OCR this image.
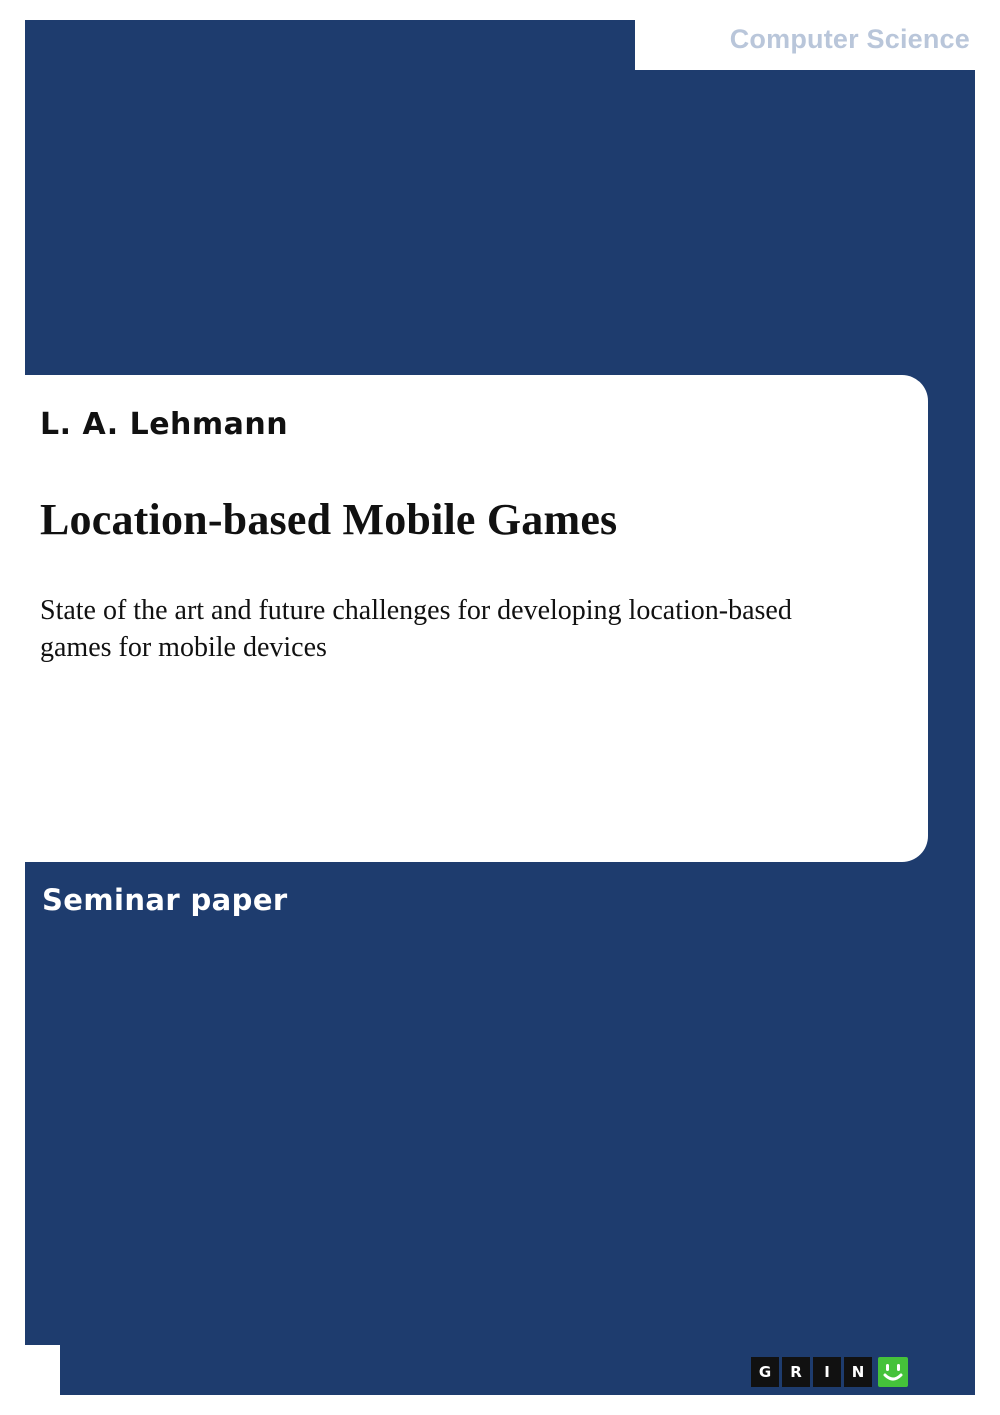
Computer Science
L. A. Lehmann
Location-based Mobile Games
State of the art and future challenges for developing location-based games for mobile devices
Seminar paper
G	R	I	N
